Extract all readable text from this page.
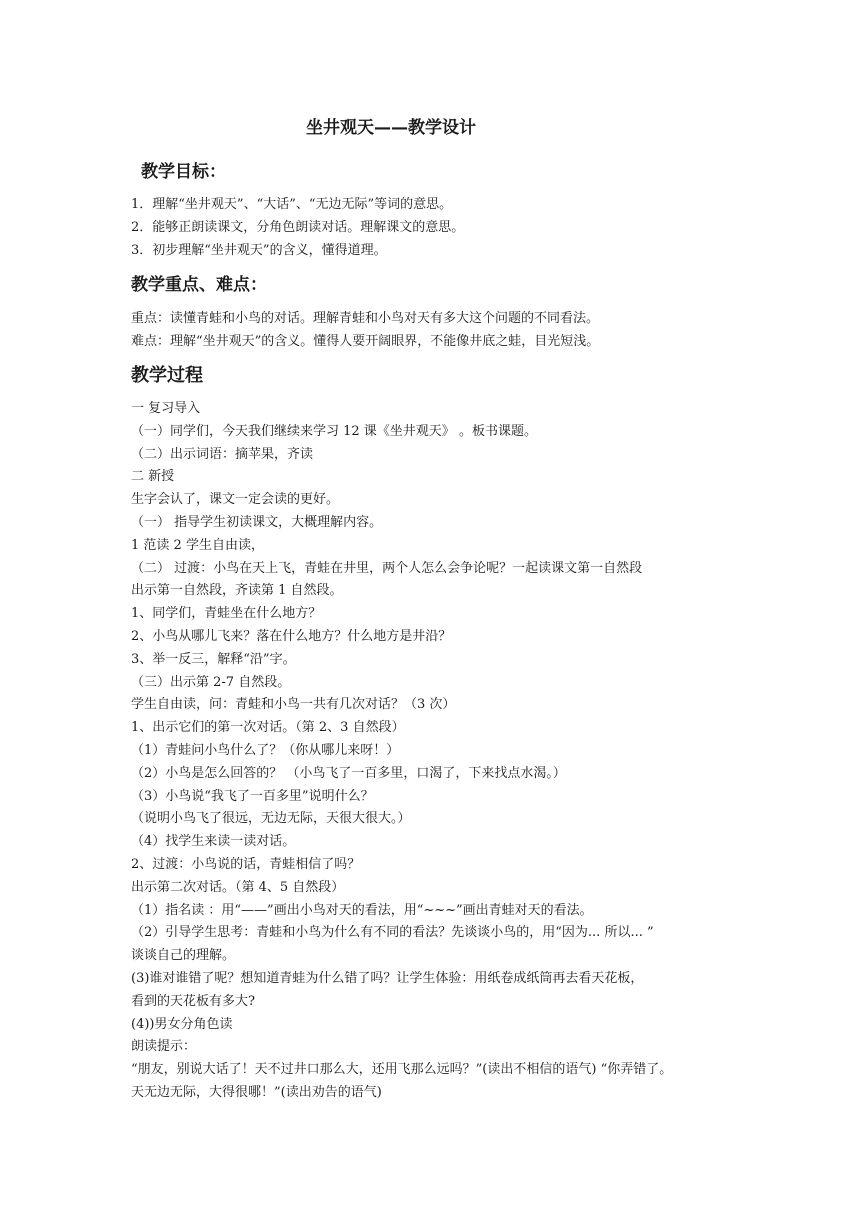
坐井观天——教学设计
教学目标：
1．理解“坐井观天”、“大话”、“无边无际”等词的意思。
2．能够正朗读课文，分角色朗读对话。理解课文的意思。
3．初步理解“坐井观天”的含义，懂得道理。
教学重点、难点：
重点：读懂青蛙和小鸟的对话。理解青蛙和小鸟对天有多大这个问题的不同看法。
难点：理解“坐井观天”的含义。懂得人要开阔眼界，不能像井底之蛙，目光短浅。
教学过程
一 复习导入
（一）同学们，今天我们继续来学习 12 课《坐井观天》 。板书课题。
（二）出示词语：摘苹果，齐读
二 新授
生字会认了，课文一定会读的更好。
（一） 指导学生初读课文，大概理解内容。
1 范读 2 学生自由读，
（二） 过渡：小鸟在天上飞，青蛙在井里，两个人怎么会争论呢？一起读课文第一自然段
出示第一自然段，齐读第 1 自然段。
1、同学们，青蛙坐在什么地方？
2、小鸟从哪儿飞来？落在什么地方？什么地方是井沿？
3、举一反三，解释“沿”字。
（三）出示第 2-7 自然段。
学生自由读，问：青蛙和小鸟一共有几次对话？（3 次）
1、出示它们的第一次对话。（第 2、3 自然段）
（1）青蛙问小鸟什么了？（你从哪儿来呀！）
（2）小鸟是怎么回答的？ （小鸟飞了一百多里，口渴了，下来找点水渴。）
（3）小鸟说“我飞了一百多里”说明什么？
（说明小鸟飞了很远，无边无际，天很大很大。）
（4）找学生来读一读对话。
2、过渡：小鸟说的话，青蛙相信了吗？
出示第二次对话。（第 4、5 自然段）
（1）指名读 ：用“——”画出小鸟对天的看法，用“~~~”画出青蛙对天的看法。
（2）引导学生思考：青蛙和小鸟为什么有不同的看法？先谈谈小鸟的，用“因为... 所以... ”
谈谈自己的理解。
(3)谁对谁错了呢？想知道青蛙为什么错了吗？让学生体验：用纸卷成纸筒再去看天花板，
看到的天花板有多大?
(4))男女分角色读
朗读提示：
“朋友，别说大话了！天不过井口那么大，还用飞那么远吗？”(读出不相信的语气) “你弄错了。
天无边无际，大得很哪！”(读出劝告的语气)
